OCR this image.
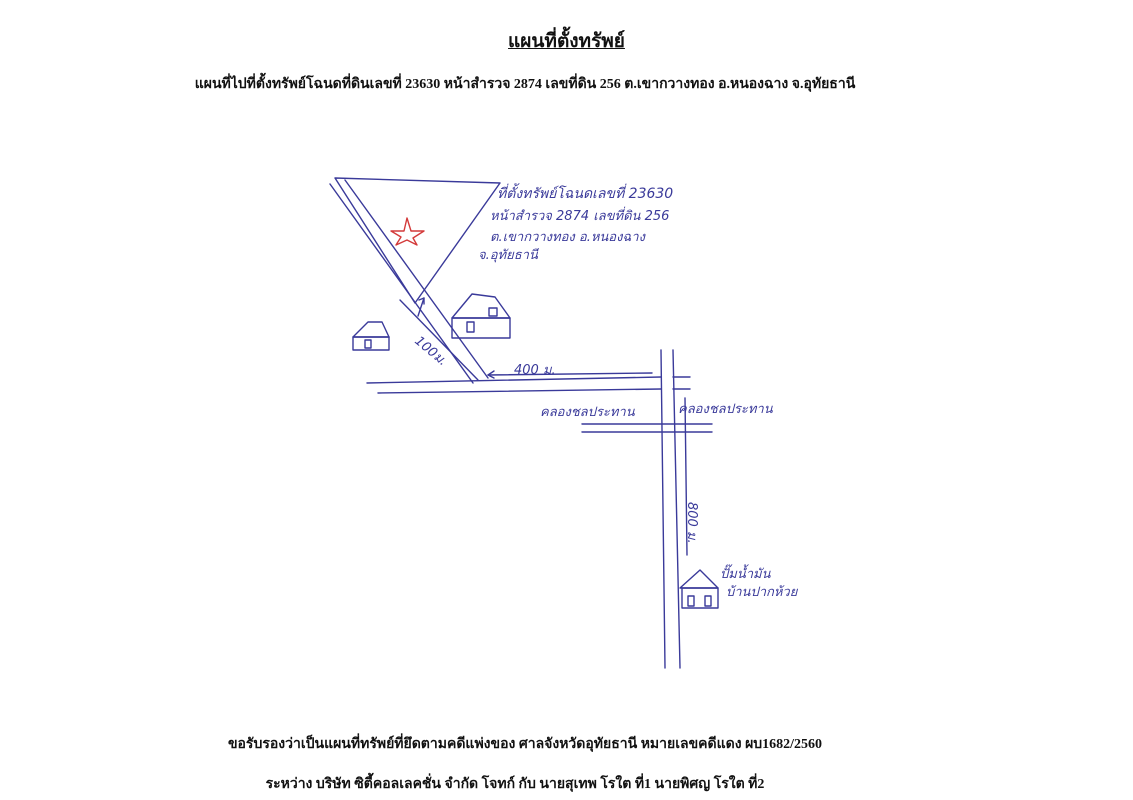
แผนที่ตั้งทรัพย์
แผนที่ไปที่ตั้งทรัพย์โฉนดที่ดินเลขที่ 23630 หน้าสำรวจ 2874 เลขที่ดิน 256 ต.เขากวางทอง อ.หนองฉาง จ.อุทัยธานี
ที่ตั้งทรัพย์โฉนดเลขที่ 23630
หน้าสำรวจ 2874 เลขที่ดิน 256
ต.เขากวางทอง อ.หนองฉาง
จ.อุทัยธานี
100ม.
400 ม.
800 ม.
คลองชลประทาน	คลองชลประทาน
ปั๊มน้ำมัน
บ้านปากห้วย
ขอรับรองว่าเป็นแผนที่ทรัพย์ที่ยึดตามคดีแพ่งของ ศาลจังหวัดอุทัยธานี หมายเลขคดีแดง ผบ1682/2560
ระหว่าง บริษัท ซิตี้คอลเลคชั่น จำกัด โจทก์ กับ นายสุเทพ โรใต ที่1 นายพิศญ โรใต ที่2
